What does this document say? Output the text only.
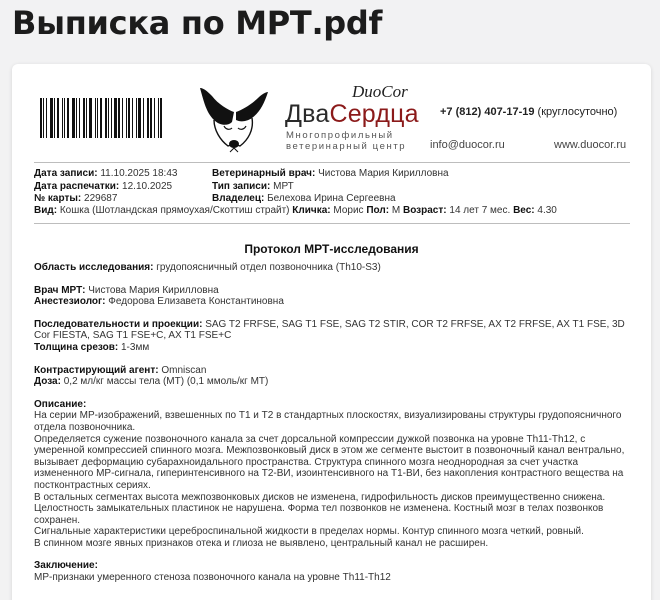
Выписка по МРТ.pdf
DuoCor
ДваСердца
Многопрофильный
ветеринарный центр
+7 (812) 407-17-19 (круглосуточно)
info@duocor.ru	www.duocor.ru
Дата записи: 11.10.2025 18:43
Дата распечатки: 12.10.2025
№ карты: 229687
Ветеринарный врач: Чистова Мария Кирилловна
Тип записи: МРТ
Владелец: Белехова Ирина Сергеевна
Вид: Кошка (Шотландская прямоухая/Скоттиш страйт) Кличка: Морис Пол: М Возраст: 14 лет 7 мес. Вес: 4.30
Протокол МРТ-исследования
Область исследования: грудопоясничный отдел позвоночника (Th10-S3)
Врач МРТ: Чистова Мария Кирилловна
Анестезиолог: Федорова Елизавета Константиновна
Последовательности и проекции: SAG T2 FRFSE, SAG T1 FSE, SAG T2 STIR, COR T2 FRFSE, AX T2 FRFSE, AX T1 FSE, 3D Cor FIESTA, SAG T1 FSE+C, AX T1 FSE+C
Толщина срезов: 1-3мм
Контрастирующий агент: Omniscan
Доза: 0,2 мл/кг массы тела (МТ) (0,1 ммоль/кг МТ)
Описание:
На серии МР-изображений, взвешенных по Т1 и Т2 в стандартных плоскостях, визуализированы структуры грудопоясничного отдела позвоночника.
Определяется сужение позвоночного канала за счет дорсальной компрессии дужкой позвонка на уровне Th11-Th12, с умеренной компрессией спинного мозга. Межпозвонковый диск в этом же сегменте выстоит в позвоночный канал вентрально, вызывает деформацию субарахноидального пространства. Структура спинного мозга неоднородная за счет участка измененного МР-сигнала, гиперинтенсивного на Т2-ВИ, изоинтенсивного на Т1-ВИ, без накопления контрастного вещества на постконтрастных сериях.
В остальных сегментах высота межпозвонковых дисков не изменена, гидрофильность дисков преимущественно снижена. Целостность замыкательных пластинок не нарушена. Форма тел позвонков не изменена. Костный мозг в телах позвонков сохранен.
Сигнальные характеристики цереброспинальной жидкости в пределах нормы. Контур спинного мозга четкий, ровный.
В спинном мозге явных признаков отека и глиоза не выявлено, центральный канал не расширен.
Заключение:
МР-признаки умеренного стеноза позвоночного канала на уровне Th11-Th12
